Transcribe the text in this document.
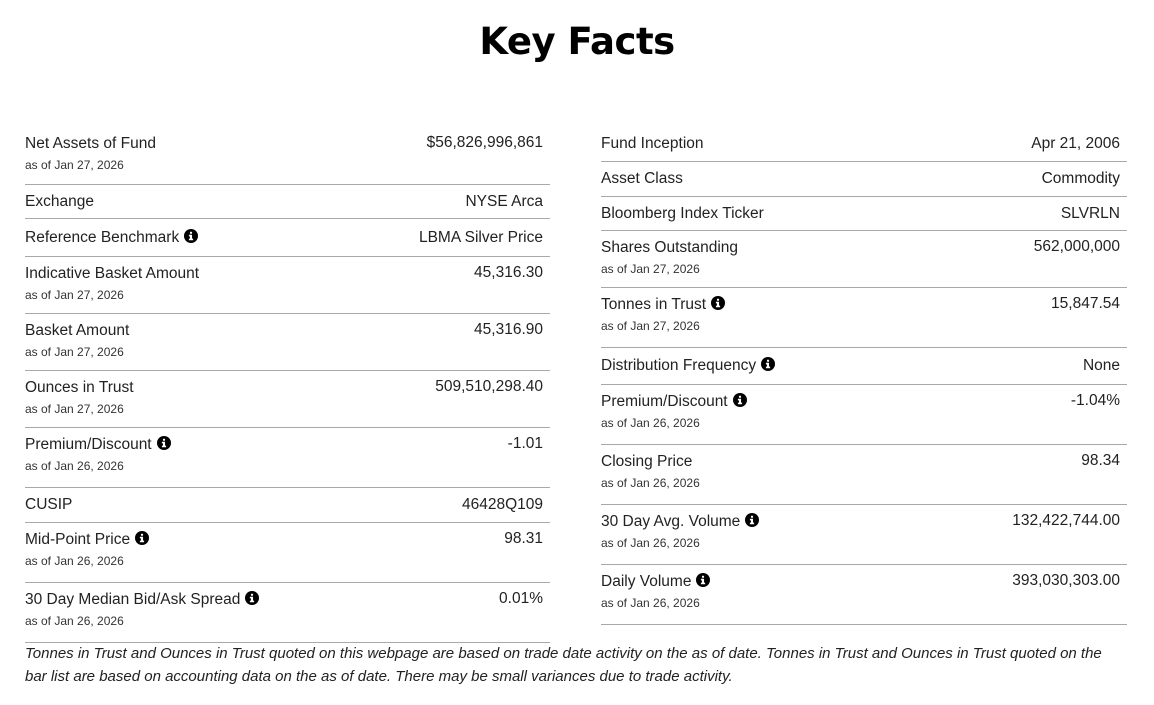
Key Facts
Net Assets of Fund	$56,826,996,861
as of Jan 27, 2026
Exchange	NYSE Arca
Reference Benchmark	LBMA Silver Price
Indicative Basket Amount	45,316.30
as of Jan 27, 2026
Basket Amount	45,316.90
as of Jan 27, 2026
Ounces in Trust	509,510,298.40
as of Jan 27, 2026
Premium/Discount	-1.01
as of Jan 26, 2026
CUSIP	46428Q109
Mid-Point Price	98.31
as of Jan 26, 2026
30 Day Median Bid/Ask Spread	0.01%
as of Jan 26, 2026
Fund Inception	Apr 21, 2006
Asset Class	Commodity
Bloomberg Index Ticker	SLVRLN
Shares Outstanding	562,000,000
as of Jan 27, 2026
Tonnes in Trust	15,847.54
as of Jan 27, 2026
Distribution Frequency	None
Premium/Discount	-1.04%
as of Jan 26, 2026
Closing Price	98.34
as of Jan 26, 2026
30 Day Avg. Volume	132,422,744.00
as of Jan 26, 2026
Daily Volume	393,030,303.00
as of Jan 26, 2026

Tonnes in Trust and Ounces in Trust quoted on this webpage are based on trade date activity on the as of date. Tonnes in Trust and Ounces in Trust quoted on the bar list are based on accounting data on the as of date. There may be small variances due to trade activity.
